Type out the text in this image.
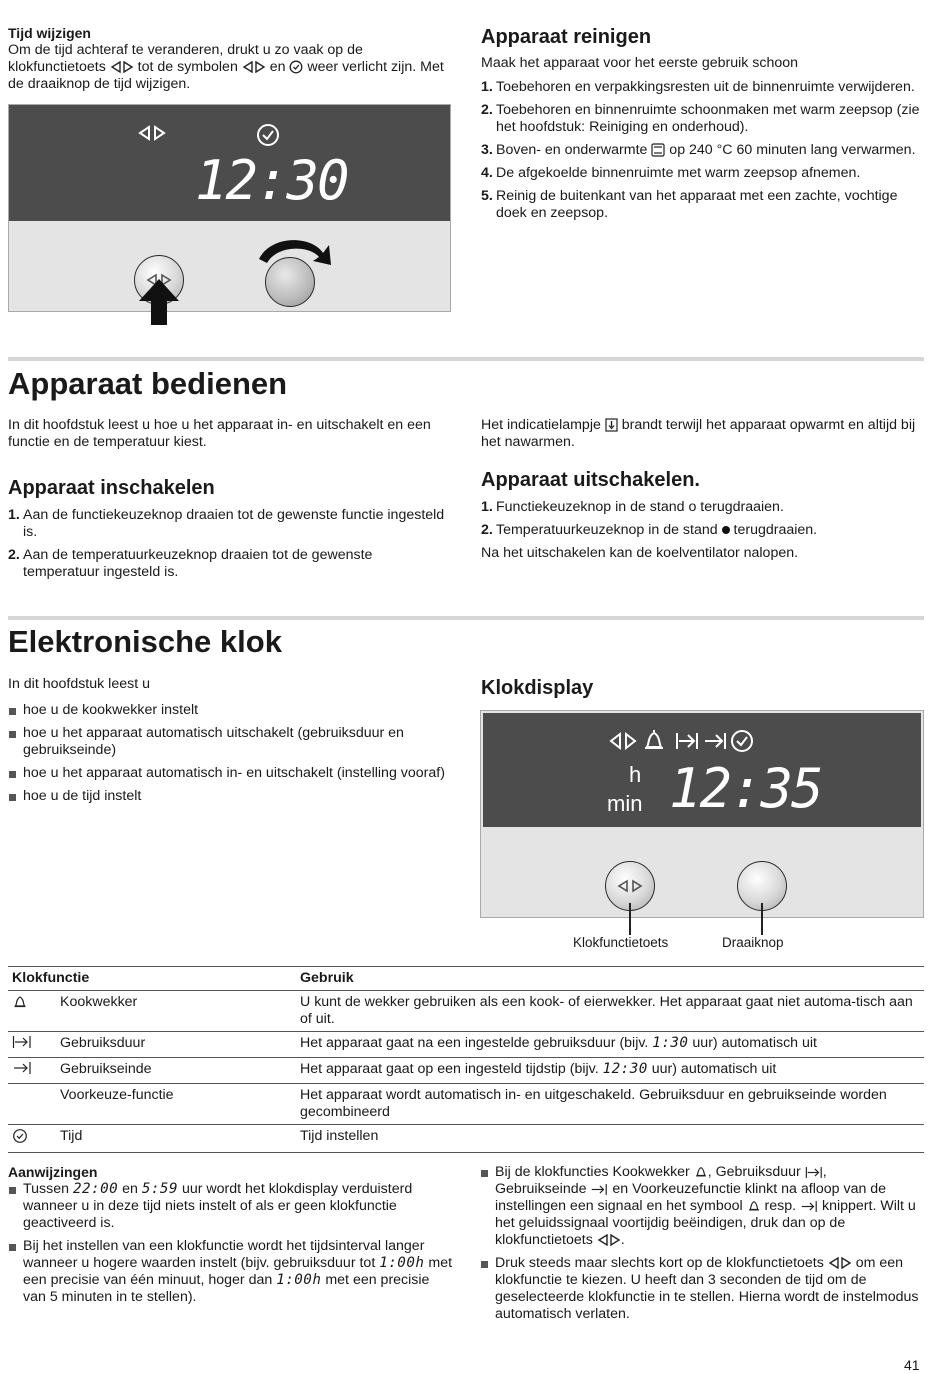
Tijd wijzigen

Om de tijd achteraf te veranderen, drukt u zo vaak op de klokfunctietoets  tot de symbolen  en  weer verlicht zijn. Met de draaiknop de tijd wijzigen.

12:30

Apparaat reinigen

Maak het apparaat voor het eerste gebruik schoon

1. Toebehoren en verpakkingsresten uit de binnenruimte verwijderen.
2. Toebehoren en binnenruimte schoonmaken met warm zeepsop (zie het hoofdstuk: Reiniging en onderhoud).
3. Boven- en onderwarmte  op 240 °C 60 minuten lang verwarmen.
4. De afgekoelde binnenruimte met warm zeepsop afnemen.
5. Reinig de buitenkant van het apparaat met een zachte, vochtige doek en zeepsop.

Apparaat bedienen

In dit hoofdstuk leest u hoe u het apparaat in- en uitschakelt en een functie en de temperatuur kiest.

Apparaat inschakelen

1. Aan de functiekeuzeknop draaien tot de gewenste functie ingesteld is.
2. Aan de temperatuurkeuzeknop draaien tot de gewenste temperatuur ingesteld is.

Het indicatielampje  brandt terwijl het apparaat opwarmt en altijd bij het nawarmen.

Apparaat uitschakelen.

1. Functiekeuzeknop in de stand o terugdraaien.
2. Temperatuurkeuzeknop in de stand  terugdraaien.

Na het uitschakelen kan de koelventilator nalopen.

Elektronische klok

In dit hoofdstuk leest u

hoe u de kookwekker instelt
hoe u het apparaat automatisch uitschakelt (gebruiksduur en gebruikseinde)
hoe u het apparaat automatisch in- en uitschakelt (instelling vooraf)
hoe u de tijd instelt

Klokdisplay

h
min 12:35
Klokfunctietoets	Draaiknop
Klokfunctie		Gebruik
	Kookwekker	U kunt de wekker gebruiken als een kook- of eierwekker. Het apparaat gaat niet automa-tisch aan of uit.
	Gebruiksduur	Het apparaat gaat na een ingestelde gebruiksduur (bijv. 1:30 uur) automatisch uit
	Gebruikseinde	Het apparaat gaat op een ingesteld tijdstip (bijv. 12:30 uur) automatisch uit
	Voorkeuze-functie	Het apparaat wordt automatisch in- en uitgeschakeld. Gebruiksduur en gebruikseinde worden gecombineerd
	Tijd	Tijd instellen

Aanwijzingen

Tussen 22:00 en 5:59 uur wordt het klokdisplay verduisterd wanneer u in deze tijd niets instelt of als er geen klokfunctie geactiveerd is.
Bij het instellen van een klokfunctie wordt het tijdsinterval langer wanneer u hogere waarden instelt (bijv. gebruiksduur tot 1:00h met een precisie van één minuut, hoger dan 1:00h met een precisie van 5 minuten in te stellen).
Bij de klokfuncties Kookwekker , Gebruiksduur , Gebruikseinde  en Voorkeuzefunctie klinkt na afloop van de instellingen een signaal en het symbool  resp.  knippert. Wilt u het geluidssignaal voortijdig beëindigen, druk dan op de klokfunctietoets .
Druk steeds maar slechts kort op de klokfunctietoets  om een klokfunctie te kiezen. U heeft dan 3 seconden de tijd om de geselecteerde klokfunctie in te stellen. Hierna wordt de instelmodus automatisch verlaten.
41
